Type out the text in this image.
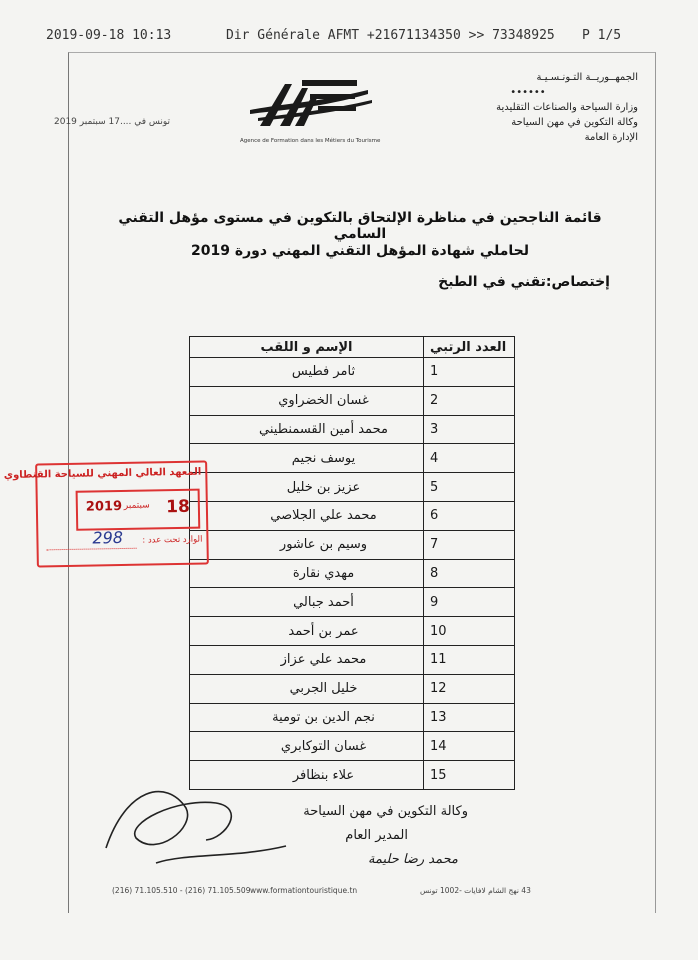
2019-09-18 10:13	Dir Générale AFMT +21671134350 >> 73348925 P 1/5
الجمهــوريــة التـونـسـيـة
••••••
وزارة السياحة والصناعات التقليدية
وكالة التكوين في مهن السياحة
الإدارة العامة
Agence de Formation dans les Métiers du Tourisme
تونس في ....17 سبتمبر 2019
قائمة الناجحين في مناظرة الإلتحاق بالتكوين في مستوى مؤهل التقني السامي
لحاملي شهادة المؤهل التقني المهني دورة 2019
إختصاص:تقني في الطبخ
العدد الرتبي	الإسم و اللقب
1	ثامر فطيس
2	غسان الخضراوي
3	محمد أمين القسمنطيني
4	يوسف نجيم
5	عزيز بن خليل
6	محمد علي الجلاصي
7	وسيم بن عاشور
8	مهدي نقارة
9	أحمد جبالي
10	عمر بن أحمد
11	محمد علي عزاز
12	خليل الجربي
13	نجم الدين بن تومية
14	غسان التوكابري
15	علاء بنظافر
المعهد العالي المهني للسياحة القنطاوي
18
سبتمبر
2019
الوارد تحت عدد :
298
وكالة التكوين في مهن السياحة
المدير العام
محمد رضا حليمة
(216) 71.105.510 - (216) 71.105.509 www.formationtouristique.tn	43 نهج الشام لافايات -1002 تونس
